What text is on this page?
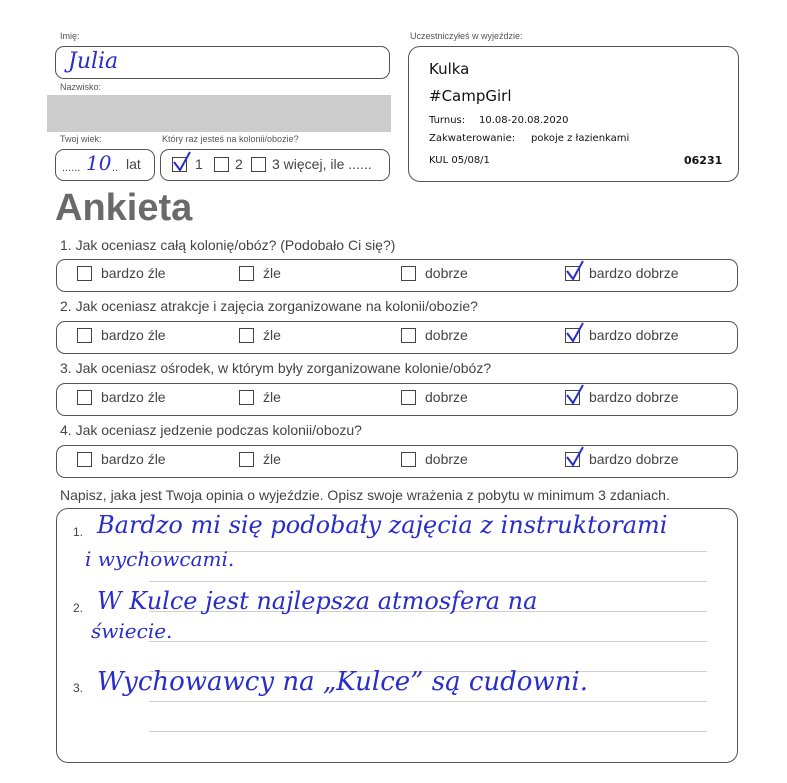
Imię:
Julia
Nazwisko:
Twoj wiek:
...... 10 .. lat
Który raz jesteś na kolonii/obozie?
1 2 3 więcej, ile ......
Uczestniczyłeś w wyjeździe:
Kulka
#CampGirl
Turnus: 10.08-20.08.2020
Zakwaterowanie: pokoje z łazienkami
KUL 05/08/1	06231
Ankieta
1. Jak oceniasz całą kolonię/obóz? (Podobało Ci się?)
bardzo źle	źle	dobrze	bardzo dobrze
2. Jak oceniasz atrakcje i zajęcia zorganizowane na kolonii/obozie?
bardzo źle	źle	dobrze	bardzo dobrze
3. Jak oceniasz ośrodek, w którym były zorganizowane kolonie/obóz?
bardzo źle	źle	dobrze	bardzo dobrze
4. Jak oceniasz jedzenie podczas kolonii/obozu?
bardzo źle	źle	dobrze	bardzo dobrze
Napisz, jaka jest Twoja opinia o wyjeździe. Opisz swoje wrażenia z pobytu w minimum 3 zdaniach.
1. Bardzo mi się podobały zajęcia z instruktorami
i wychowcami.
2. W Kulce jest najlepsza atmosfera na
świecie.
3. Wychowawcy na „Kulce” są cudowni.
